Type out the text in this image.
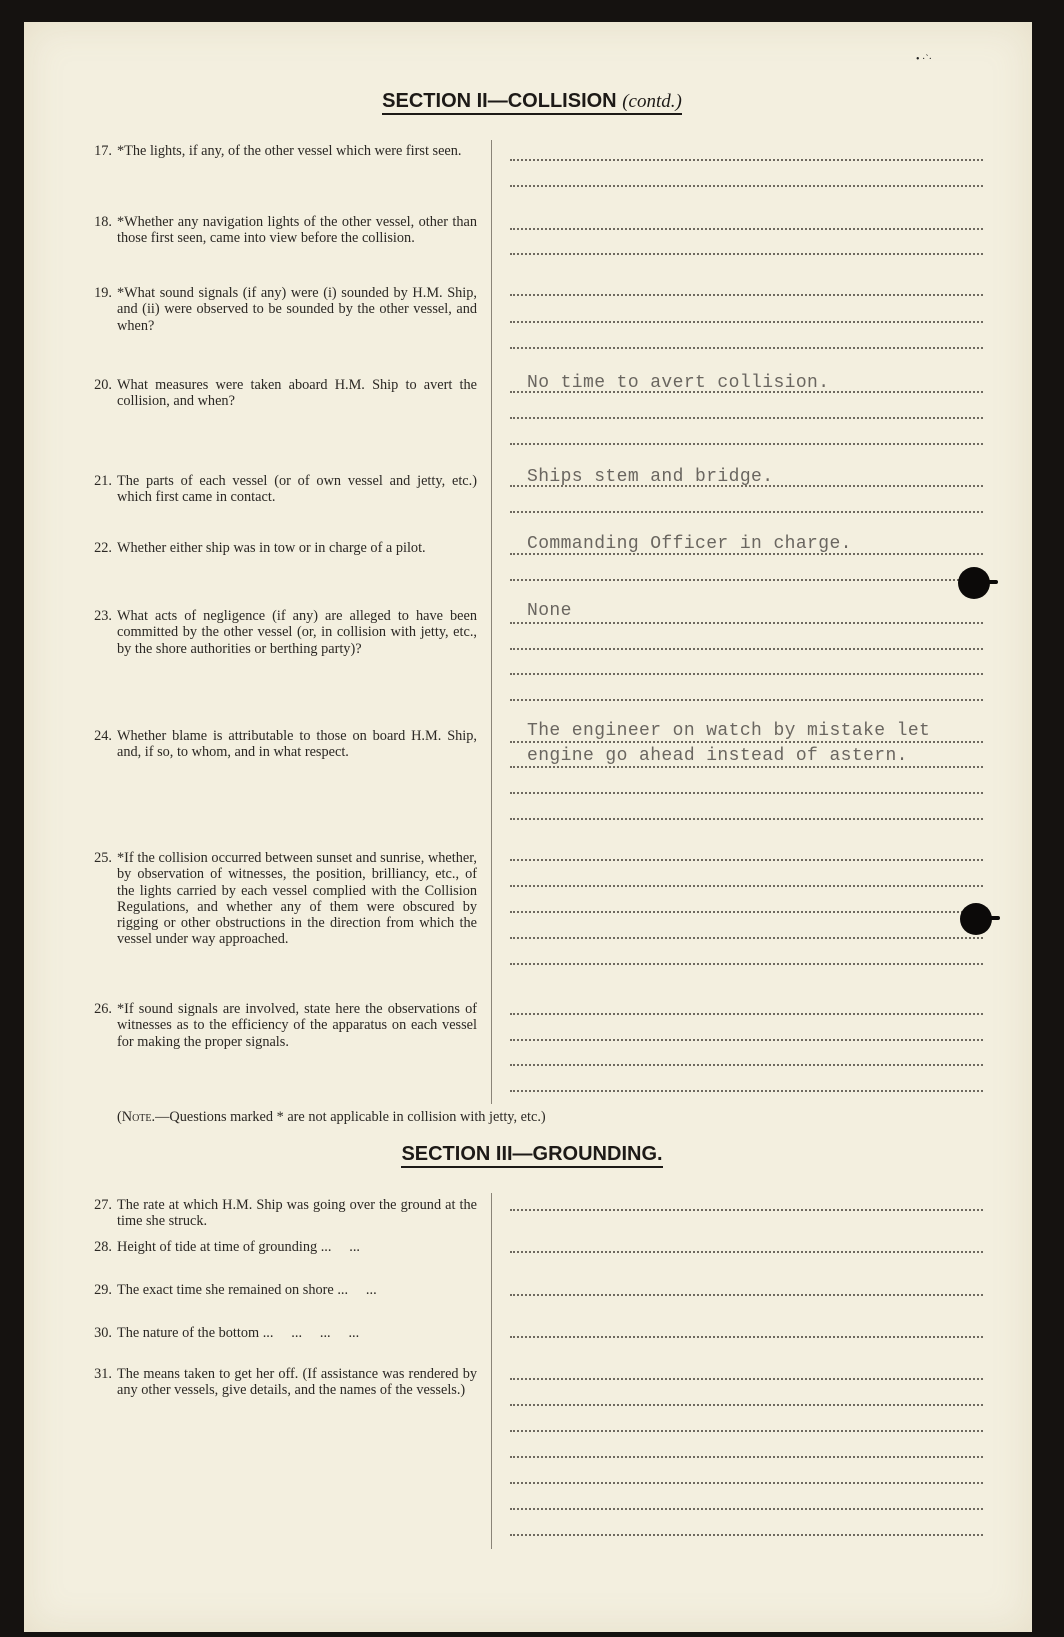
• ·`·
SECTION II—COLLISION (contd.)
17. *The lights, if any, of the other vessel which were first seen.
18. *Whether any navigation lights of the other vessel, other than those first seen, came into view before the collision.
19. *What sound signals (if any) were (i) sounded by H.M. Ship, and (ii) were observed to be sounded by the other vessel, and when?
20. What measures were taken aboard H.M. Ship to avert the collision, and when?
21. The parts of each vessel (or of own vessel and jetty, etc.) which first came in contact.
22. Whether either ship was in tow or in charge of a pilot.
23. What acts of negligence (if any) are alleged to have been committed by the other vessel (or, in collision with jetty, etc., by the shore authorities or berthing party)?
24. Whether blame is attributable to those on board H.M. Ship, and, if so, to whom, and in what respect.
25. *If the collision occurred between sunset and sunrise, whether, by observation of witnesses, the position, brilliancy, etc., of the lights carried by each vessel complied with the Collision Regulations, and whether any of them were obscured by rigging or other obstructions in the direction from which the vessel under way approached.
26. *If sound signals are involved, state here the observations of witnesses as to the efficiency of the apparatus on each vessel for making the proper signals.
No time to avert collision.
Ships stem and bridge.
Commanding Officer in charge.
None
The engineer on watch by mistake let
engine go ahead instead of astern.
(Note.—Questions marked * are not applicable in collision with jetty, etc.)
SECTION III—GROUNDING.
27. The rate at which H.M. Ship was going over the ground at the time she struck.
28. Height of tide at time of grounding ...     ...
29. The exact time she remained on shore ...     ...
30. The nature of the bottom ...     ...     ...     ...
31. The means taken to get her off. (If assistance was rendered by any other vessels, give details, and the names of the vessels.)
